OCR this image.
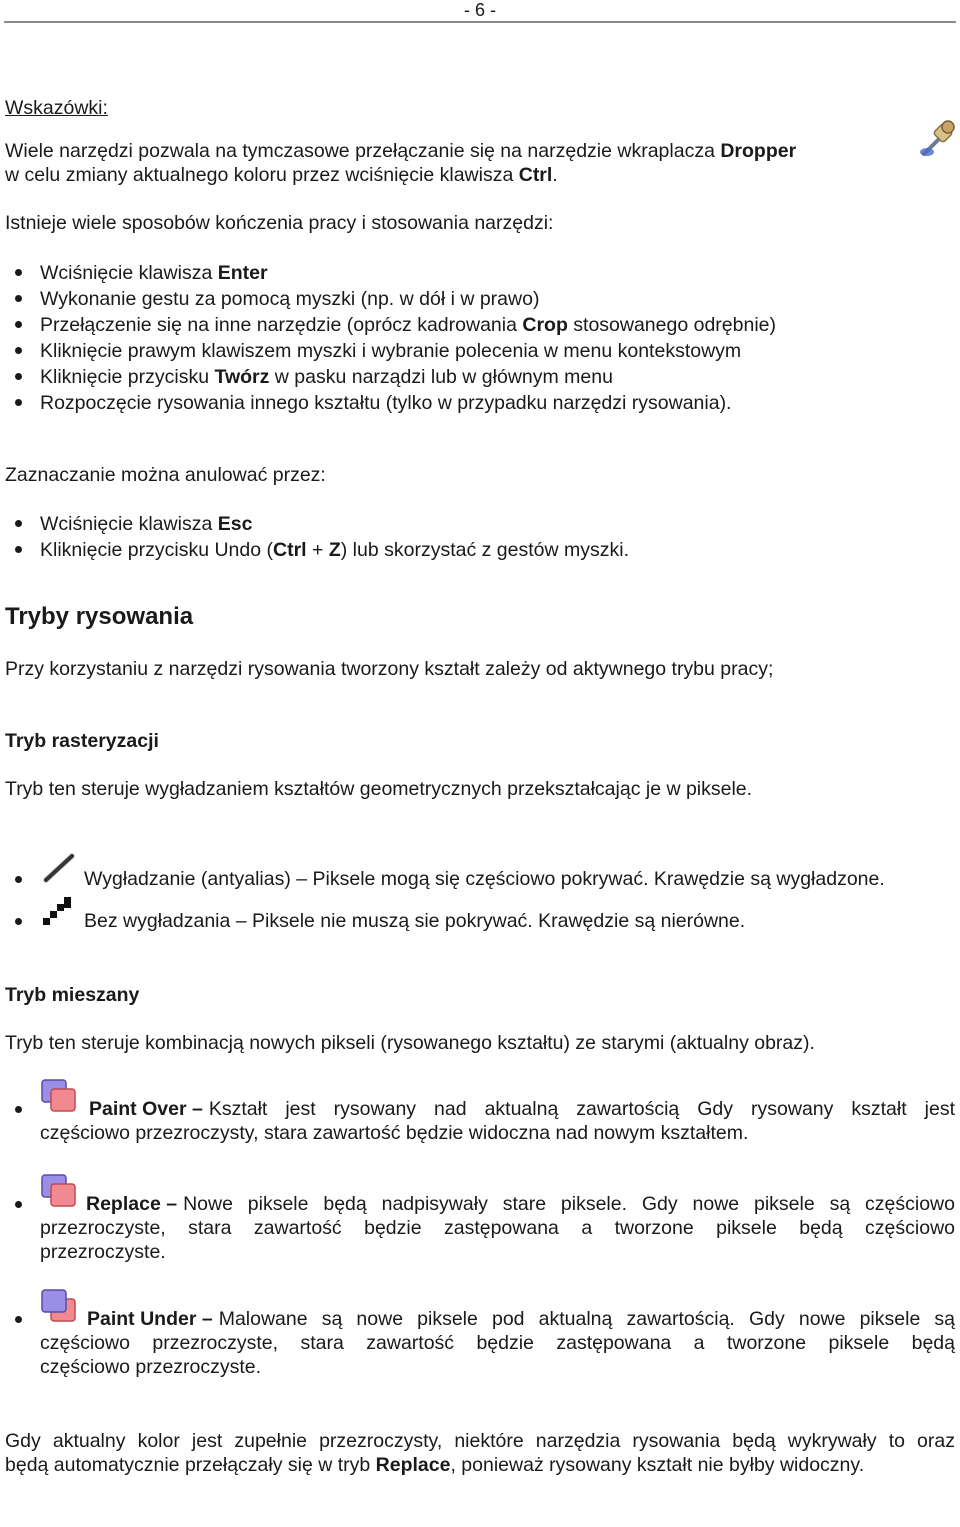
- 6 -
Wskazówki:
Wiele narzędzi pozwala na tymczasowe przełączanie się na narzędzie wkraplacza Dropper
w celu zmiany aktualnego koloru przez wciśnięcie klawisza Ctrl.
Istnieje wiele sposobów kończenia pracy i stosowania narzędzi:
Wciśnięcie klawisza Enter
Wykonanie gestu za pomocą myszki (np. w dół i w prawo)
Przełączenie się na inne narzędzie (oprócz kadrowania Crop stosowanego odrębnie)
Kliknięcie prawym klawiszem myszki i wybranie polecenia w menu kontekstowym
Kliknięcie przycisku Twórz w pasku narządzi lub w głównym menu
Rozpoczęcie rysowania innego kształtu (tylko w przypadku narzędzi rysowania).
Zaznaczanie można anulować przez:
Wciśnięcie klawisza Esc
Kliknięcie przycisku Undo (Ctrl + Z) lub skorzystać z gestów myszki.
Tryby rysowania
Przy korzystaniu z narzędzi rysowania tworzony kształt zależy od aktywnego trybu pracy;
Tryb rasteryzacji
Tryb ten steruje wygładzaniem kształtów geometrycznych przekształcając je w piksele.
Wygładzanie (antyalias) – Piksele mogą się częściowo pokrywać. Krawędzie są wygładzone.
Bez wygładzania – Piksele nie muszą sie pokrywać. Krawędzie są nierówne.
Tryb mieszany
Tryb ten steruje kombinacją nowych pikseli (rysowanego kształtu) ze starymi (aktualny obraz).
Paint Over – Kształt jest rysowany nad aktualną zawartością Gdy rysowany kształt jest
częściowo przezroczysty, stara zawartość będzie widoczna nad nowym kształtem.
Replace – Nowe piksele będą nadpisywały stare piksele. Gdy nowe piksele są częściowo
przezroczyste, stara zawartość będzie zastępowana a tworzone piksele będą częściowo
przezroczyste.
Paint Under – Malowane są nowe piksele pod aktualną zawartością. Gdy nowe piksele są
częściowo przezroczyste, stara zawartość będzie zastępowana a tworzone piksele będą
częściowo przezroczyste.
Gdy aktualny kolor jest zupełnie przezroczysty, niektóre narzędzia rysowania będą wykrywały to oraz
będą automatycznie przełączały się w tryb Replace, ponieważ rysowany kształt nie byłby widoczny.
